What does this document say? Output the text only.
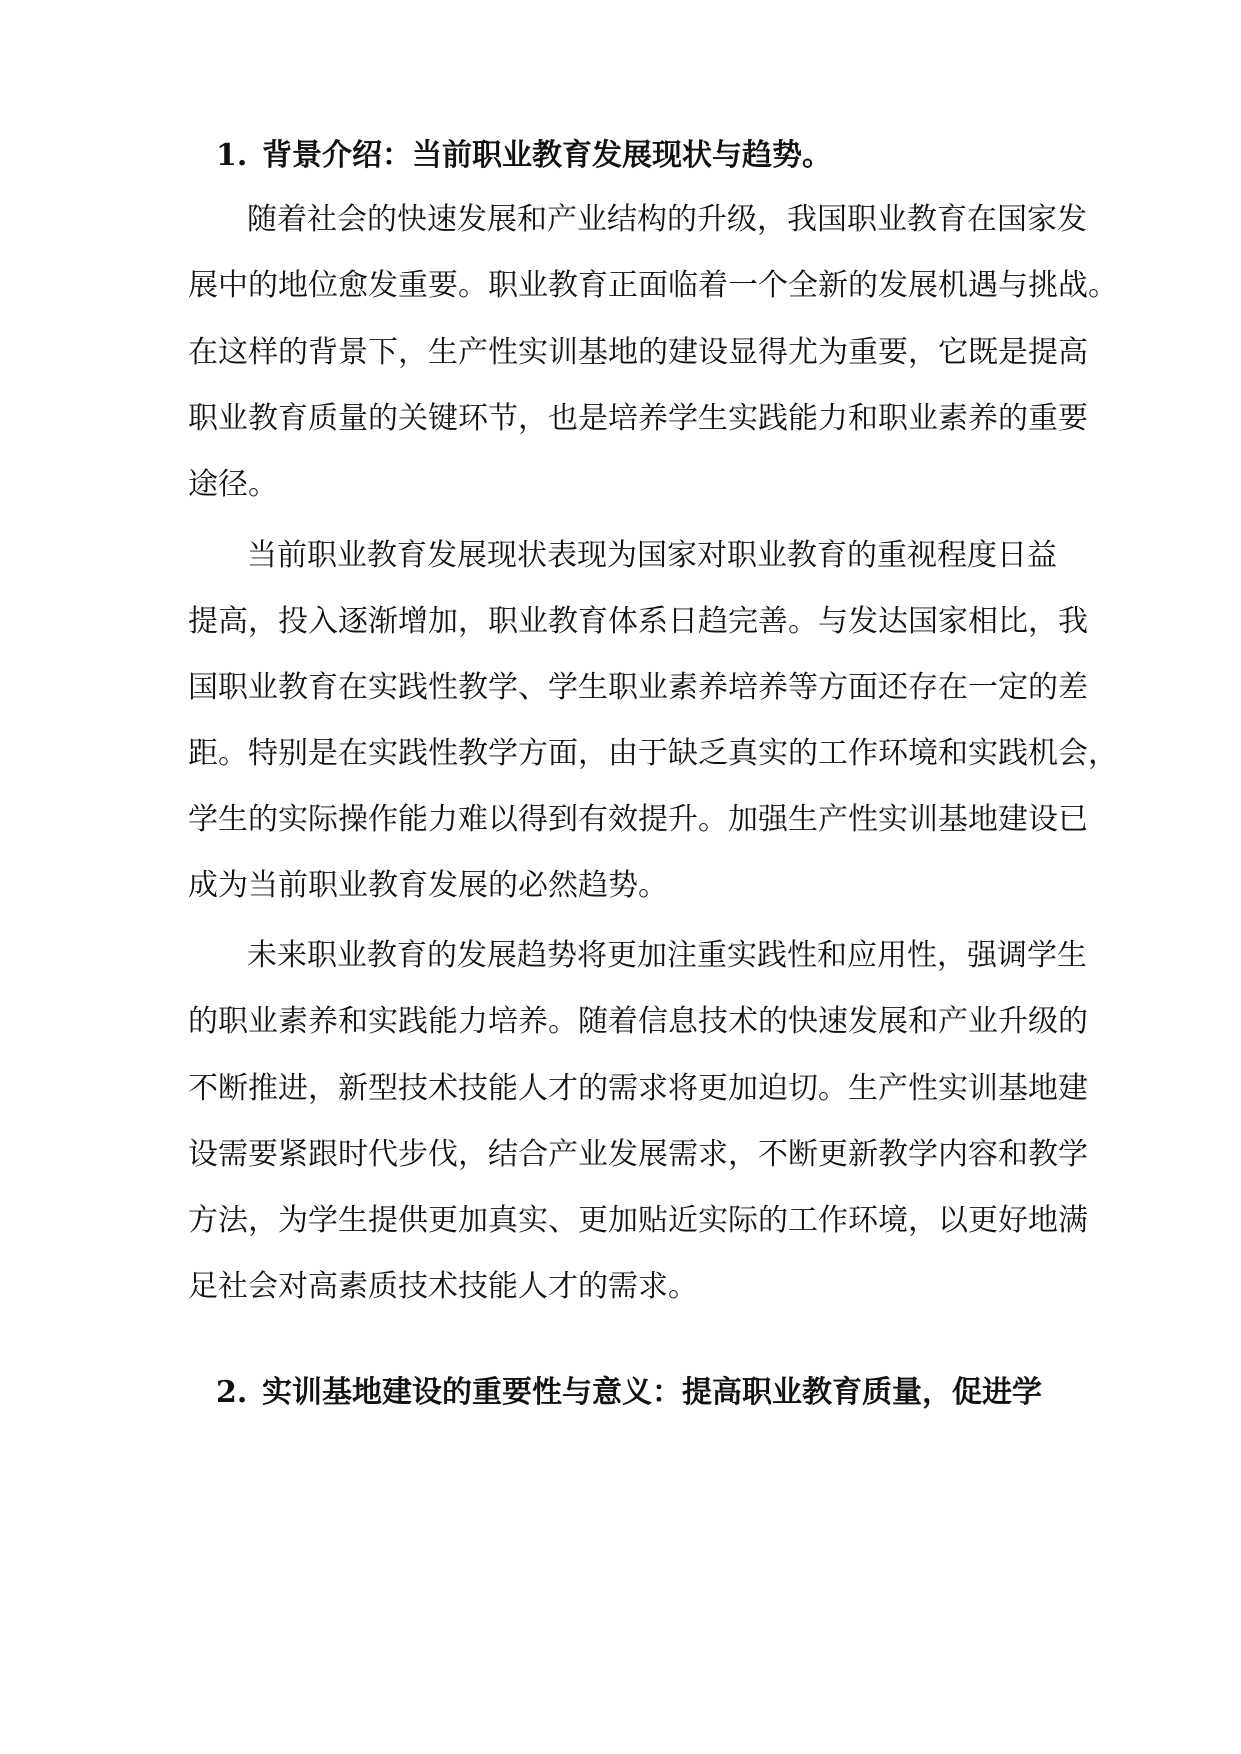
1. 背景介绍：当前职业教育发展现状与趋势。
随着社会的快速发展和产业结构的升级，我国职业教育在国家发
展中的地位愈发重要。职业教育正面临着一个全新的发展机遇与挑战。
在这样的背景下，生产性实训基地的建设显得尤为重要，它既是提高
职业教育质量的关键环节，也是培养学生实践能力和职业素养的重要
途径。
当前职业教育发展现状表现为国家对职业教育的重视程度日益
提高，投入逐渐增加，职业教育体系日趋完善。与发达国家相比，我
国职业教育在实践性教学、学生职业素养培养等方面还存在一定的差
距。特别是在实践性教学方面，由于缺乏真实的工作环境和实践机会，
学生的实际操作能力难以得到有效提升。加强生产性实训基地建设已
成为当前职业教育发展的必然趋势。
未来职业教育的发展趋势将更加注重实践性和应用性，强调学生
的职业素养和实践能力培养。随着信息技术的快速发展和产业升级的
不断推进，新型技术技能人才的需求将更加迫切。生产性实训基地建
设需要紧跟时代步伐，结合产业发展需求，不断更新教学内容和教学
方法，为学生提供更加真实、更加贴近实际的工作环境，以更好地满
足社会对高素质技术技能人才的需求。
2. 实训基地建设的重要性与意义：提高职业教育质量，促进学
